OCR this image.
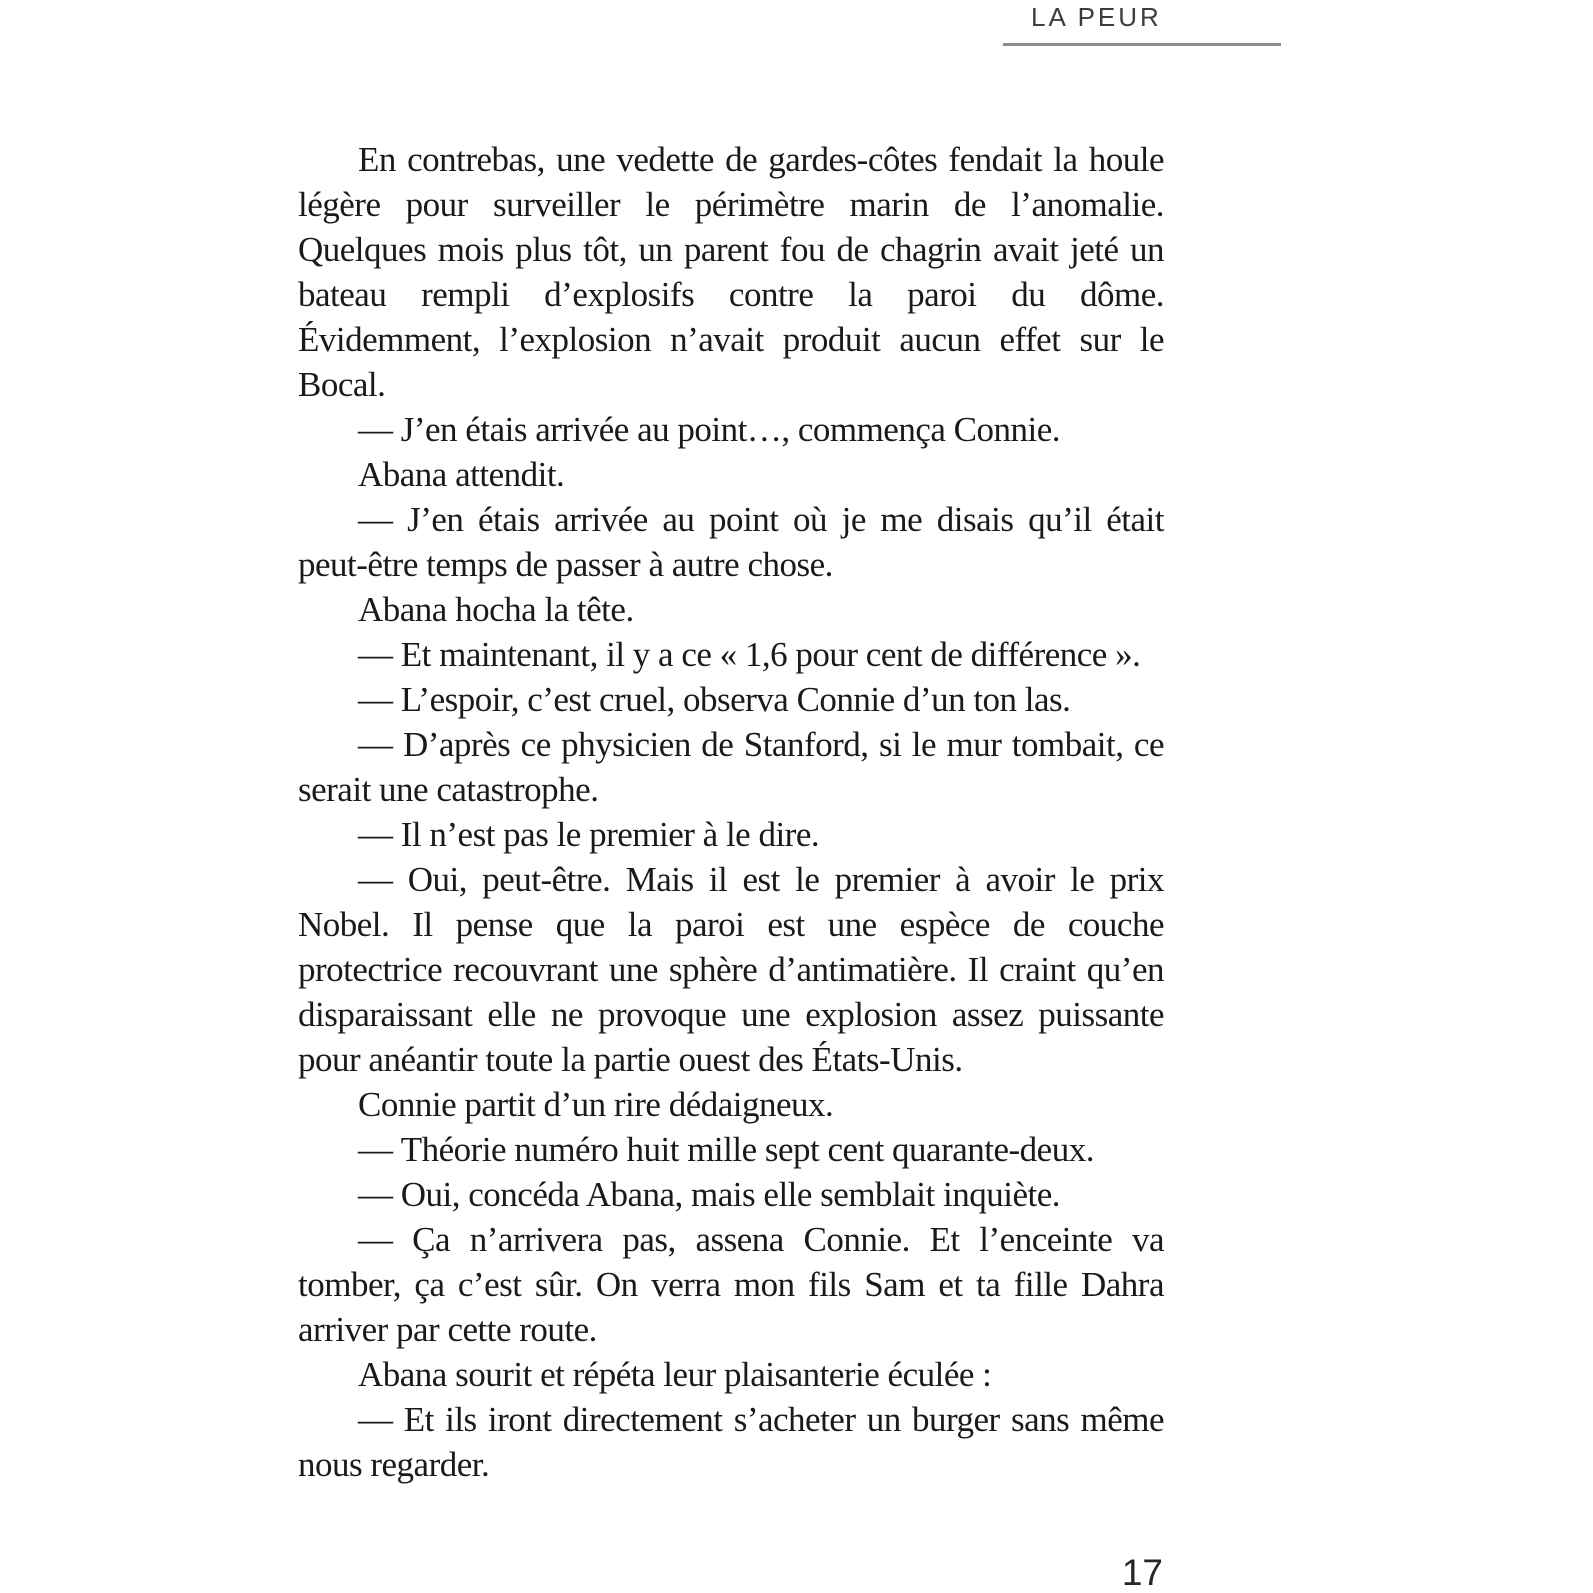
LA PEUR

En contrebas, une vedette de gardes-côtes fendait la houle légère pour surveiller le périmètre marin de l’anomalie. Quelques mois plus tôt, un parent fou de chagrin avait jeté un bateau rempli d’explosifs contre la paroi du dôme. Évidemment, l’explosion n’avait produit aucun effet sur le Bocal.

— J’en étais arrivée au point…, commença Connie.

Abana attendit.

— J’en étais arrivée au point où je me disais qu’il était peut-être temps de passer à autre chose.

Abana hocha la tête.

— Et maintenant, il y a ce « 1,6 pour cent de différence ».

— L’espoir, c’est cruel, observa Connie d’un ton las.

— D’après ce physicien de Stanford, si le mur tombait, ce serait une catastrophe.

— Il n’est pas le premier à le dire.

— Oui, peut-être. Mais il est le premier à avoir le prix Nobel. Il pense que la paroi est une espèce de couche protectrice recouvrant une sphère d’antimatière. Il craint qu’en disparaissant elle ne provoque une explosion assez puissante pour anéantir toute la partie ouest des États-Unis.

Connie partit d’un rire dédaigneux.

— Théorie numéro huit mille sept cent quarante-deux.

— Oui, concéda Abana, mais elle semblait inquiète.

— Ça n’arrivera pas, assena Connie. Et l’enceinte va tomber, ça c’est sûr. On verra mon fils Sam et ta fille Dahra arriver par cette route.

Abana sourit et répéta leur plaisanterie éculée :

— Et ils iront directement s’acheter un burger sans même nous regarder.

17
